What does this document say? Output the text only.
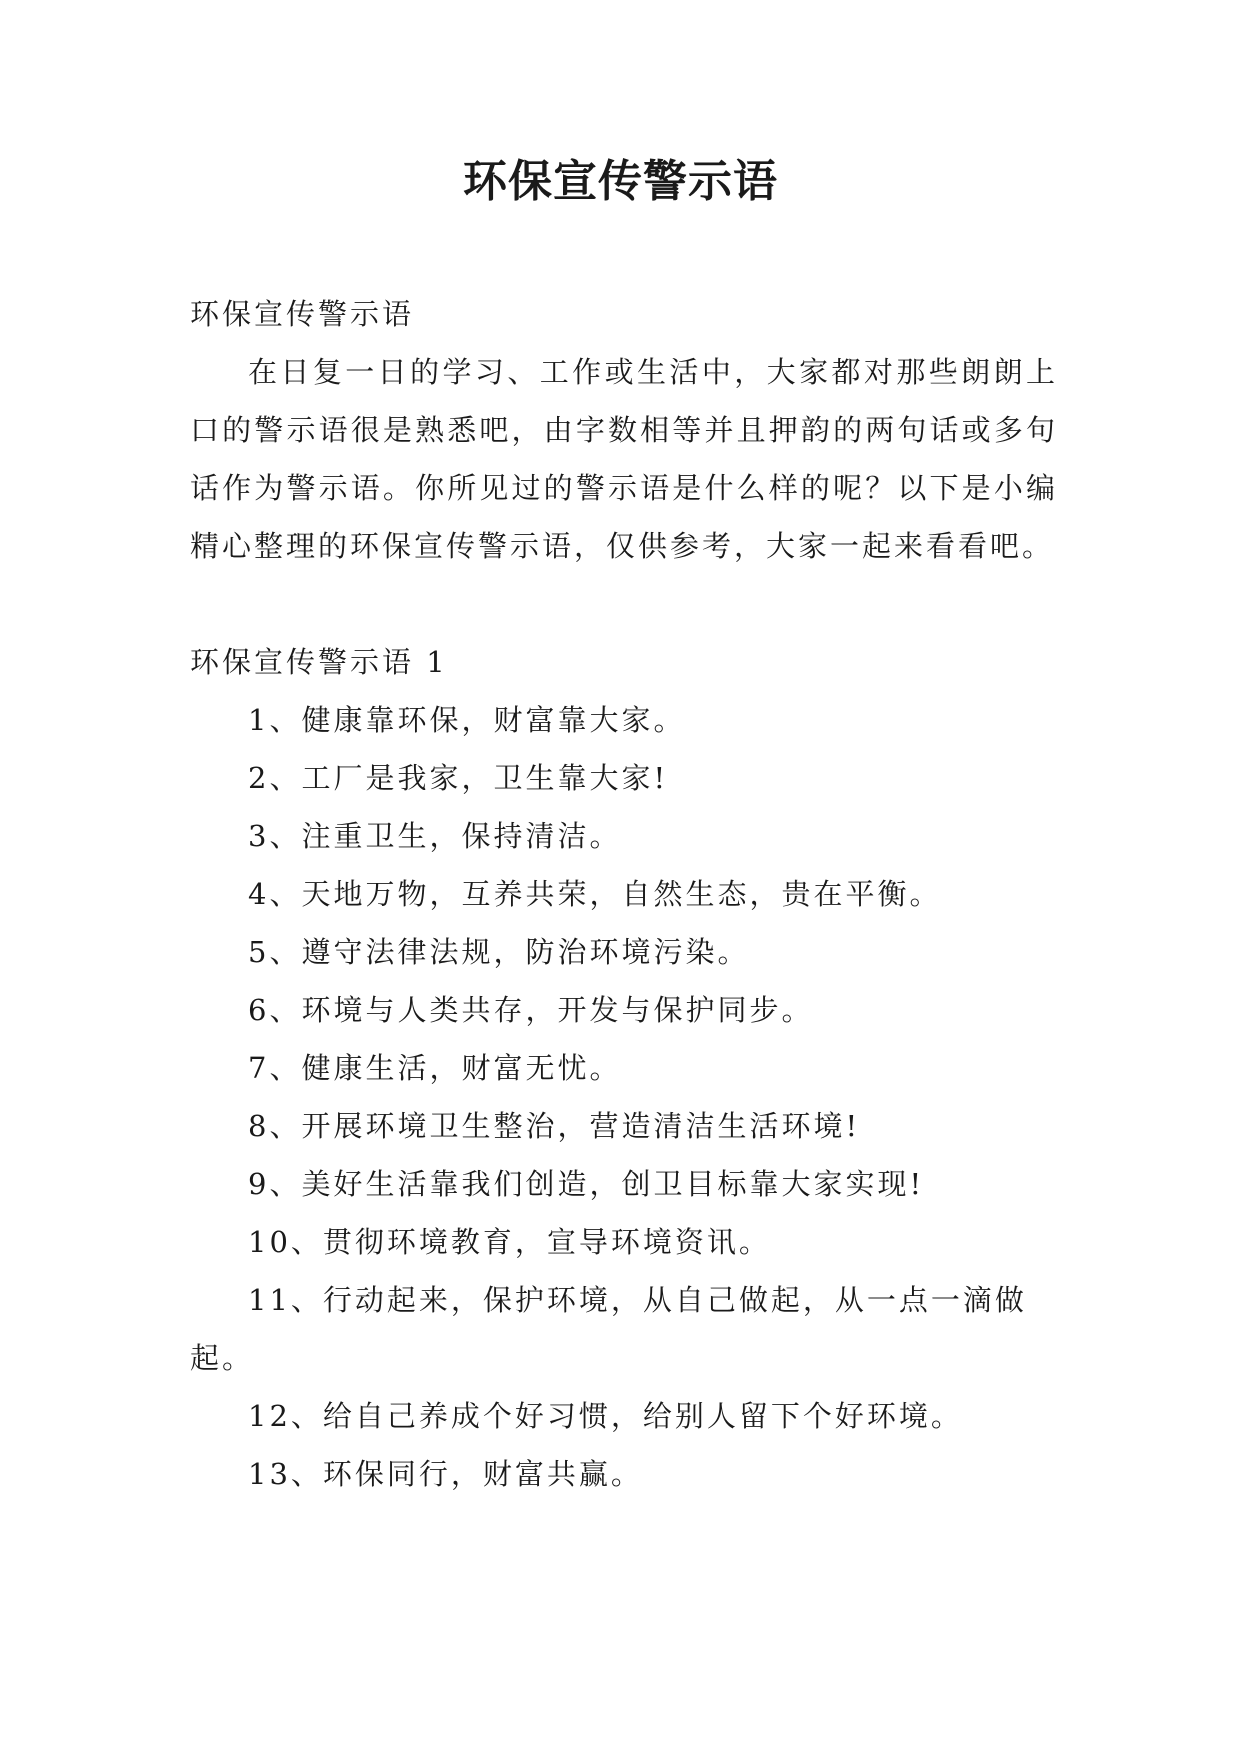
环保宣传警示语

环保宣传警示语

在日复一日的学习、工作或生活中，大家都对那些朗朗上口的警示语很是熟悉吧，由字数相等并且押韵的两句话或多句话作为警示语。你所见过的警示语是什么样的呢？以下是小编精心整理的环保宣传警示语，仅供参考，大家一起来看看吧。

环保宣传警示语 1

1、健康靠环保，财富靠大家。

2、工厂是我家，卫生靠大家!

3、注重卫生，保持清洁。

4、天地万物，互养共荣，自然生态，贵在平衡。

5、遵守法律法规，防治环境污染。

6、环境与人类共存，开发与保护同步。

7、健康生活，财富无忧。

8、开展环境卫生整治，营造清洁生活环境!

9、美好生活靠我们创造，创卫目标靠大家实现!

10、贯彻环境教育，宣导环境资讯。

11、行动起来，保护环境，从自己做起，从一点一滴做起。

12、给自己养成个好习惯，给别人留下个好环境。

13、环保同行，财富共赢。
